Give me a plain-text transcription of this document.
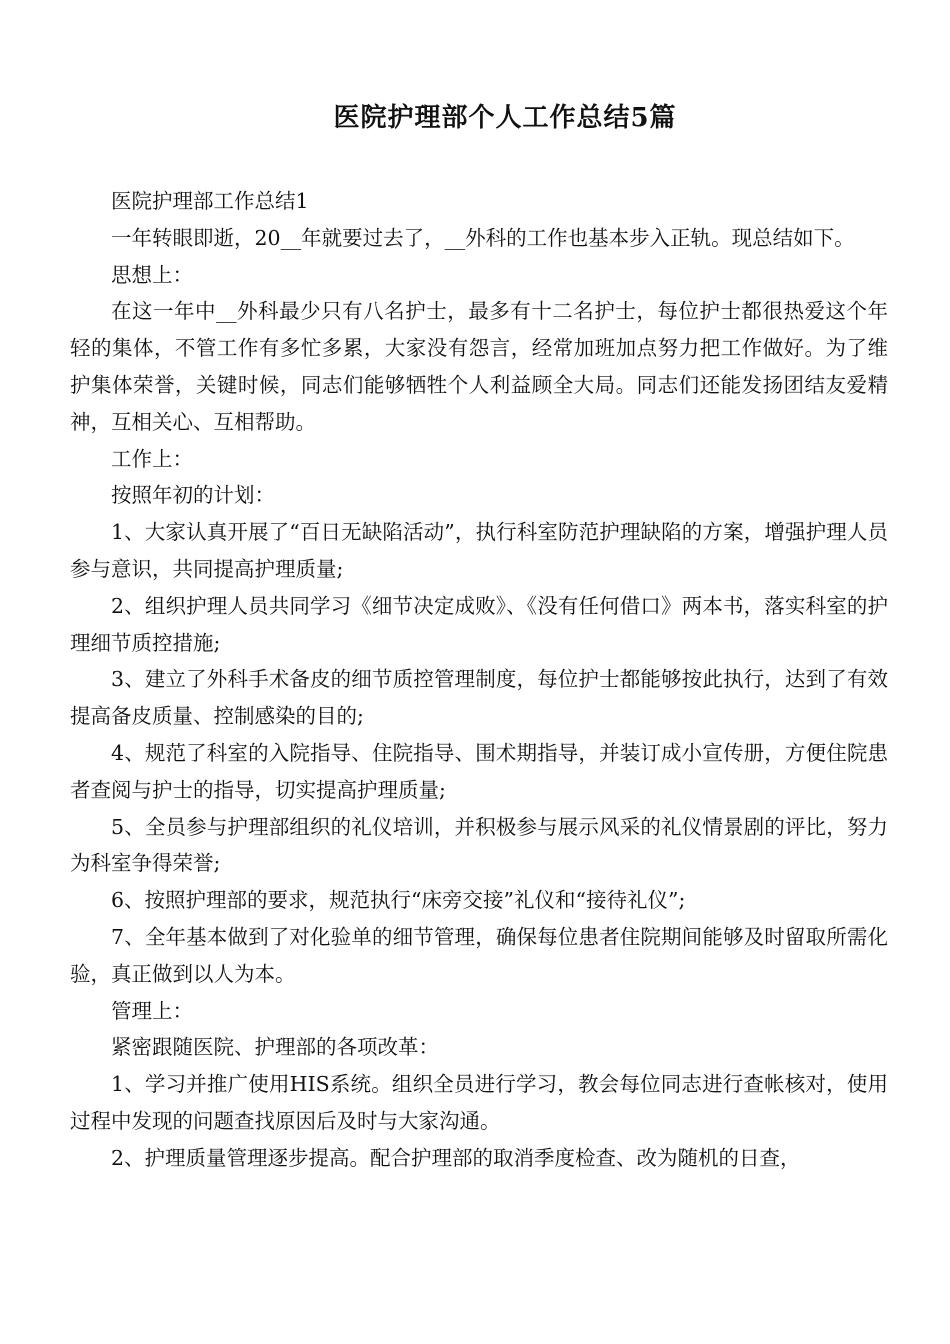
医院护理部个人工作总结5篇

医院护理部工作总结1

一年转眼即逝，20__年就要过去了，__外科的工作也基本步入正轨。现总结如下。

思想上：

在这一年中__外科最少只有八名护士，最多有十二名护士，每位护士都很热爱这个年轻的集体，不管工作有多忙多累，大家没有怨言，经常加班加点努力把工作做好。为了维护集体荣誉，关键时候，同志们能够牺牲个人利益顾全大局。同志们还能发扬团结友爱精神，互相关心、互相帮助。

工作上：

按照年初的计划：

1、大家认真开展了“百日无缺陷活动”，执行科室防范护理缺陷的方案，增强护理人员参与意识，共同提高护理质量;

2、组织护理人员共同学习《细节决定成败》、《没有任何借口》两本书，落实科室的护理细节质控措施;

3、建立了外科手术备皮的细节质控管理制度，每位护士都能够按此执行，达到了有效提高备皮质量、控制感染的目的;

4、规范了科室的入院指导、住院指导、围术期指导，并装订成小宣传册，方便住院患者查阅与护士的指导，切实提高护理质量;

5、全员参与护理部组织的礼仪培训，并积极参与展示风采的礼仪情景剧的评比，努力为科室争得荣誉;

6、按照护理部的要求，规范执行“床旁交接”礼仪和“接待礼仪”;

7、全年基本做到了对化验单的细节管理，确保每位患者住院期间能够及时留取所需化验，真正做到以人为本。

管理上：

紧密跟随医院、护理部的各项改革：

1、学习并推广使用HIS系统。组织全员进行学习，教会每位同志进行查帐核对，使用过程中发现的问题查找原因后及时与大家沟通。

2、护理质量管理逐步提高。配合护理部的取消季度检查、改为随机的日查，
